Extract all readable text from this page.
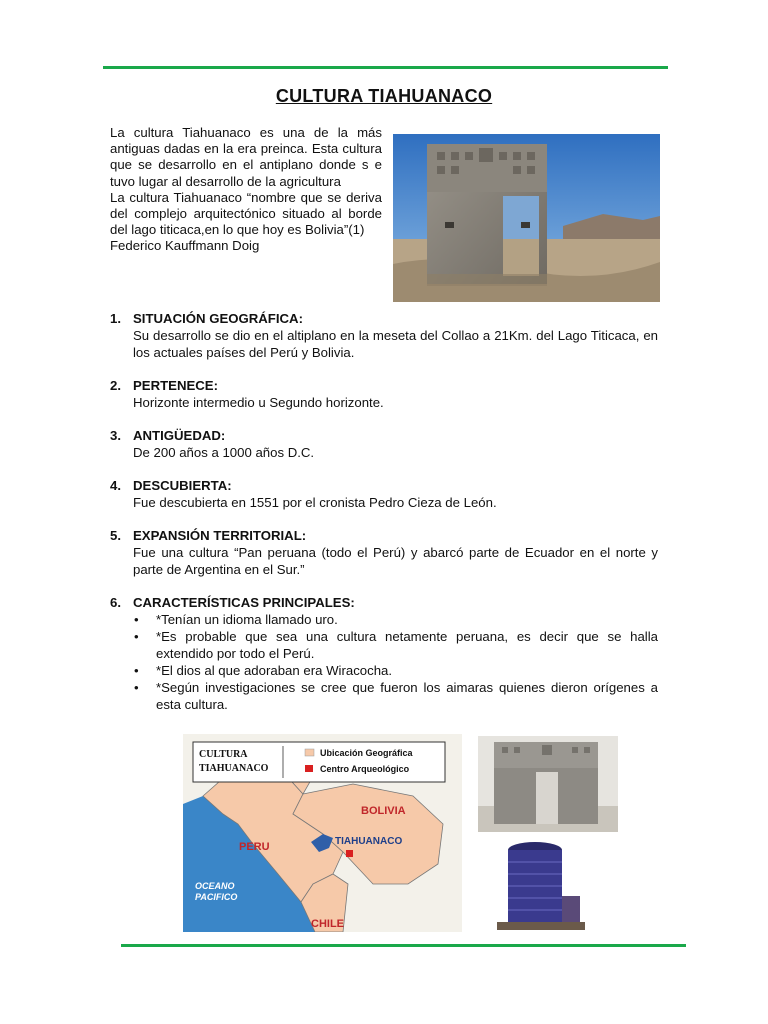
CULTURA TIAHUANACO

La cultura Tiahuanaco es una de la más antiguas dadas en la era preinca. Esta cultura que se desarrollo en el antiplano donde s e tuvo lugar al desarrollo de la agricultura

La cultura Tiahuanaco “nombre que se deriva del complejo arquitectónico situado al borde del lago titicaca,en lo que hoy es Bolivia”(1)

Federico Kauffmann Doig

1. SITUACIÓN GEOGRÁFICA:
Su desarrollo se dio en el altiplano en la meseta del Collao a 21Km. del Lago Titicaca, en los actuales países del Perú y Bolivia.
2. PERTENECE:
Horizonte intermedio u Segundo horizonte.
3. ANTIGÜEDAD:
De 200 años a 1000 años D.C.
4. DESCUBIERTA:
Fue descubierta en 1551 por el cronista Pedro Cieza de León.
5. EXPANSIÓN TERRITORIAL:
Fue una cultura “Pan peruana (todo el Perú) y abarcó parte de Ecuador en el norte y parte de Argentina en el Sur.”
6. CARACTERÍSTICAS PRINCIPALES:
• *Tenían un idioma llamado uro.
• *Es probable que sea una cultura netamente peruana, es decir que se halla extendido por todo el Perú.
• *El dios al que adoraban era Wiracocha.
• *Según investigaciones se cree que fueron los aimaras quienes dieron orígenes a esta cultura.
CULTURA
TIAHUANACO
Ubicación Geográfica
Centro Arqueológico
BOLIVIA
PERU	TIAHUANACO
OCEANO
PACIFICO
CHILE
